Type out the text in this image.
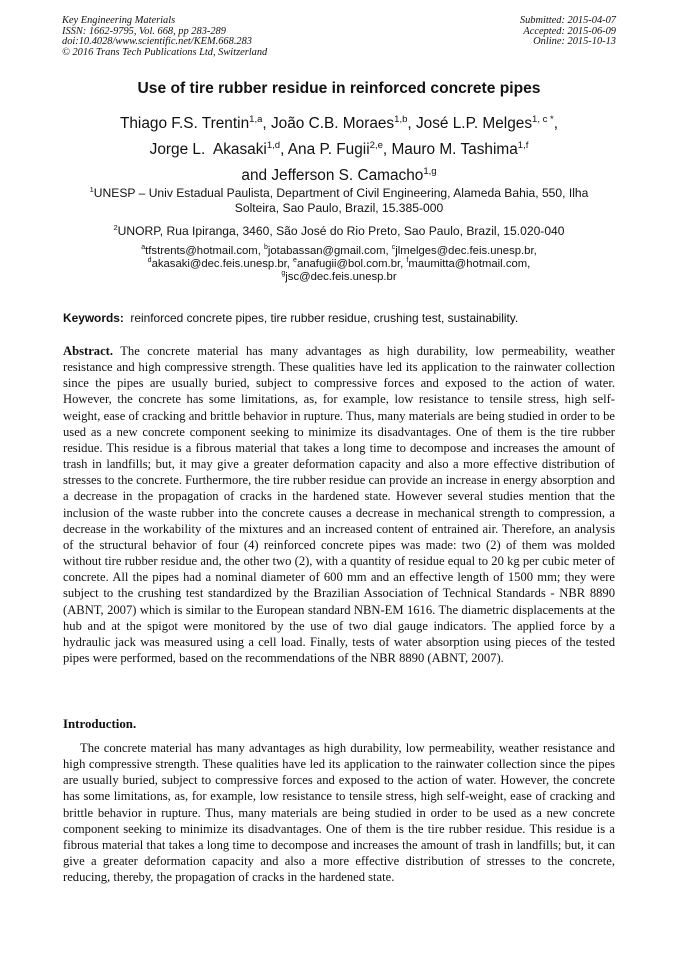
Key Engineering Materials
ISSN: 1662-9795, Vol. 668, pp 283-289
doi:10.4028/www.scientific.net/KEM.668.283
© 2016 Trans Tech Publications Ltd, Switzerland
Submitted: 2015-04-07
Accepted: 2015-06-09
Online: 2015-10-13
Use of tire rubber residue in reinforced concrete pipes
Thiago F.S. Trentin$^{1,a}$, João C.B. Moraes$^{1,b}$, José L.P. Melges$^{1, c *}$,
Jorge L.  Akasaki$^{1,d}$, Ana P. Fugii$^{2,e}$, Mauro M. Tashima$^{1,f}$
and Jefferson S. Camacho$^{1,g}$
$^1$UNESP – Univ Estadual Paulista, Department of Civil Engineering, Alameda Bahia, 550, Ilha
Solteira, Sao Paulo, Brazil, 15.385-000
$^2$UNORP, Rua Ipiranga, 3460, São José do Rio Preto, Sao Paulo, Brazil, 15.020-040
$^a$tfstrents@hotmail.com, $^b$jotabassan@gmail.com, $^c$jlmelges@dec.feis.unesp.br,
$^d$akasaki@dec.feis.unesp.br, $^e$anafugii@bol.com.br, $^f$maumitta@hotmail.com,
$^g$jsc@dec.feis.unesp.br
Keywords: reinforced concrete pipes, tire rubber residue, crushing test, sustainability.
Abstract. The concrete material has many advantages as high durability, low permeability, weather resistance and high compressive strength. These qualities have led its application to the rainwater collection since the pipes are usually buried, subject to compressive forces and exposed to the action of water. However, the concrete has some limitations, as, for example, low resistance to tensile stress, high self-weight, ease of cracking and brittle behavior in rupture. Thus, many materials are being studied in order to be used as a new concrete component seeking to minimize its disadvantages. One of them is the tire rubber residue. This residue is a fibrous material that takes a long time to decompose and increases the amount of trash in landfills; but, it may give a greater deformation capacity and also a more effective distribution of stresses to the concrete. Furthermore, the tire rubber residue can provide an increase in energy absorption and a decrease in the propagation of cracks in the hardened state. However several studies mention that the inclusion of the waste rubber into the concrete causes a decrease in mechanical strength to compression, a decrease in the workability of the mixtures and an increased content of entrained air. Therefore, an analysis of the structural behavior of four (4) reinforced concrete pipes was made: two (2) of them was molded without tire rubber residue and, the other two (2), with a quantity of residue equal to 20 kg per cubic meter of concrete. All the pipes had a nominal diameter of 600 mm and an effective length of 1500 mm; they were subject to the crushing test standardized by the Brazilian Association of Technical Standards - NBR 8890 (ABNT, 2007) which is similar to the European standard NBN-EM 1616. The diametric displacements at the hub and at the spigot were monitored by the use of two dial gauge indicators. The applied force by a hydraulic jack was measured using a cell load. Finally, tests of water absorption using pieces of the tested pipes were performed, based on the recommendations of the NBR 8890 (ABNT, 2007).
Introduction.
The concrete material has many advantages as high durability, low permeability, weather resistance and high compressive strength. These qualities have led its application to the rainwater collection since the pipes are usually buried, subject to compressive forces and exposed to the action of water. However, the concrete has some limitations, as, for example, low resistance to tensile stress, high self-weight, ease of cracking and brittle behavior in rupture. Thus, many materials are being studied in order to be used as a new concrete component seeking to minimize its disadvantages. One of them is the tire rubber residue. This residue is a fibrous material that takes a long time to decompose and increases the amount of trash in landfills; but, it can give a greater deformation capacity and also a more effective distribution of stresses to the concrete, reducing, thereby, the propagation of cracks in the hardened state.
